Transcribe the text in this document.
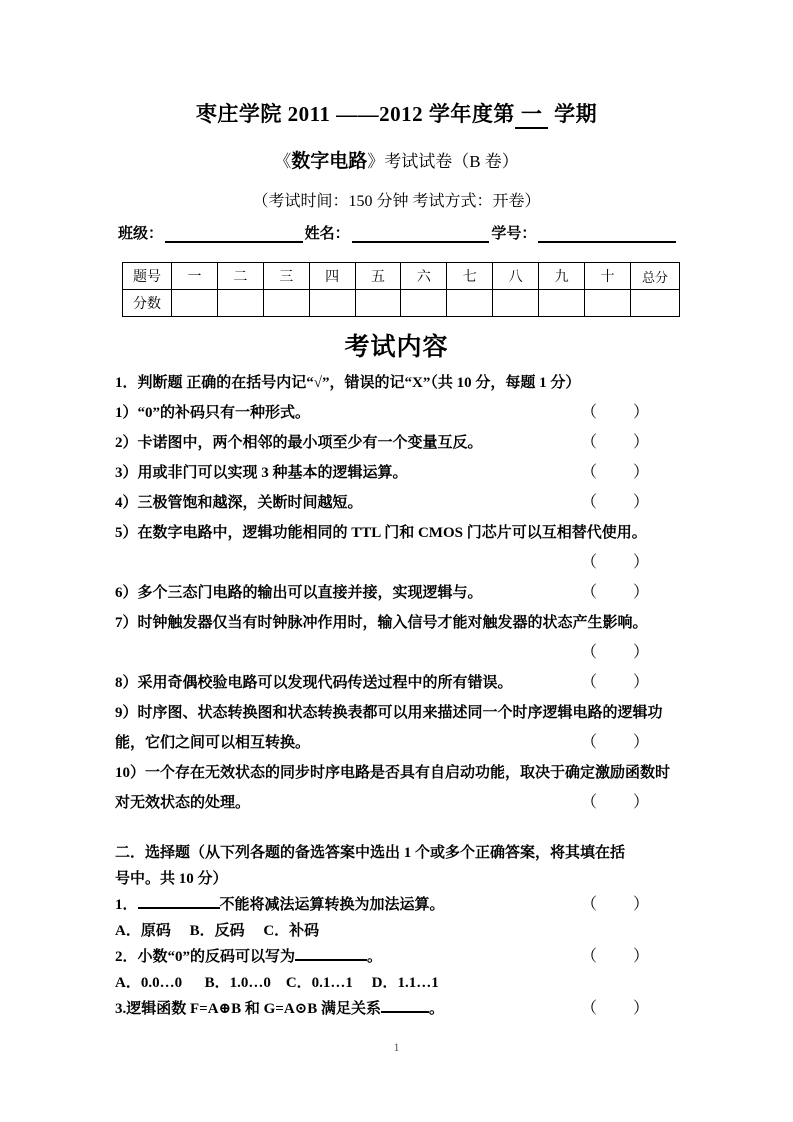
枣庄学院 2011 ——2012 学年度第 一 学期
《数字电路》考试试卷（B 卷）
（考试时间：150 分钟 考试方式：开卷）
班级：	姓名：	学号：
题号	一	二	三	四	五	六	七	八	九	十	总分
分数											
考试内容
1．判断题 正确的在括号内记“√”，错误的记“X”（共 10 分，每题 1 分）
1）“0”的补码只有一种形式。	（ ）
2）卡诺图中，两个相邻的最小项至少有一个变量互反。	（ ）
3）用或非门可以实现 3 种基本的逻辑运算。	（ ）
4）三极管饱和越深，关断时间越短。	（ ）
5）在数字电路中，逻辑功能相同的 TTL 门和 CMOS 门芯片可以互相替代使用。
（ ）
6）多个三态门电路的输出可以直接并接，实现逻辑与。	（ ）
7）时钟触发器仅当有时钟脉冲作用时，输入信号才能对触发器的状态产生影响。
（ ）
8）采用奇偶校验电路可以发现代码传送过程中的所有错误。	（ ）
9）时序图、状态转换图和状态转换表都可以用来描述同一个时序逻辑电路的逻辑功能，它们之间可以相互转换。	（ ）
10）一个存在无效状态的同步时序电路是否具有自启动功能，取决于确定激励函数时对无效状态的处理。	（ ）
二．选择题（从下列各题的备选答案中选出 1 个或多个正确答案，将其填在括
号中。共 10 分）
1．	不能将减法运算转换为加法运算。	（ ）
A．原码     B．反码     C．补码
2．小数“0”的反码可以写为	。	（ ）
A．0.0…0      B．1.0…0    C．0.1…1     D．1.1…1
3.逻辑函数 F=A⊕B 和 G=A⊙B 满足关系	。	（ ）
1
